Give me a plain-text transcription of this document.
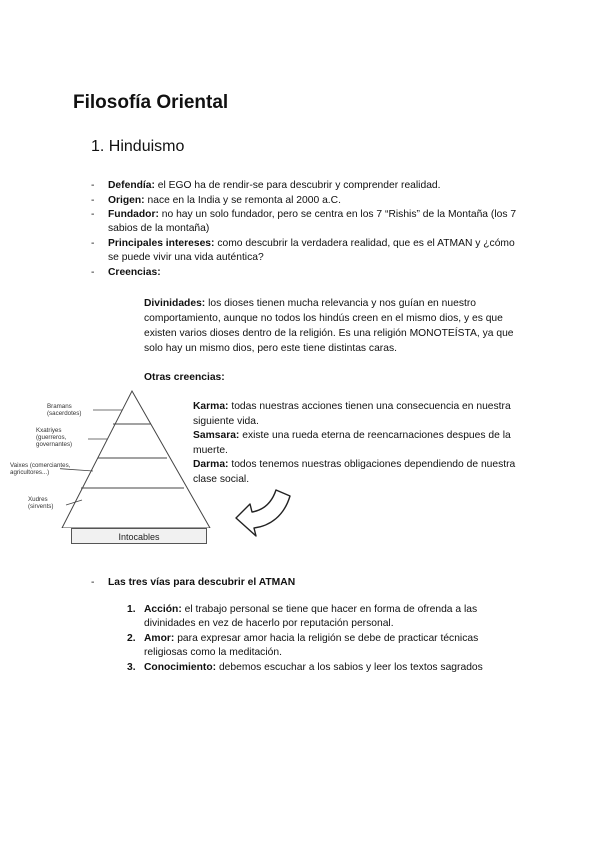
Filosofía Oriental
1. Hinduismo
- Defendía: el EGO ha de rendir-se para descubrir y comprender realidad.
- Origen: nace en la India y se remonta al 2000 a.C.
- Fundador: no hay un solo fundador, pero se centra en los 7 “Rishis” de la Montaña (los 7 sabios de la montaña)
- Principales intereses: como descubrir la verdadera realidad, que es el ATMAN y ¿cómo se puede vivir una vida auténtica?
- Creencias:
Divinidades: los dioses tienen mucha relevancia y nos guían en nuestro comportamiento, aunque no todos los hindús creen en el mismo dios, y es que existen varios dioses dentro de la religión. Es una religión MONOTEÍSTA, ya que solo hay un mismo dios, pero este tiene distintas caras.
Otras creencias:
Bramans (sacerdotes)
Kxatriyes (guerreros, governantes)
Vaixes (comerciantes, agricultores...)
Xudres (sirvents)
Intocables
Karma: todas nuestras acciones tienen una consecuencia en nuestra siguiente vida.
Samsara: existe una rueda eterna de reencarnaciones despues de la muerte.
Darma: todos tenemos nuestras obligaciones dependiendo de nuestra clase social.
- Las tres vías para descubrir el ATMAN
1. Acción: el trabajo personal se tiene que hacer en forma de ofrenda a las divinidades en vez de hacerlo por reputación personal.
2. Amor: para expresar amor hacia la religión se debe de practicar técnicas religiosas como la meditación.
3. Conocimiento: debemos escuchar a los sabios y leer los textos sagrados
